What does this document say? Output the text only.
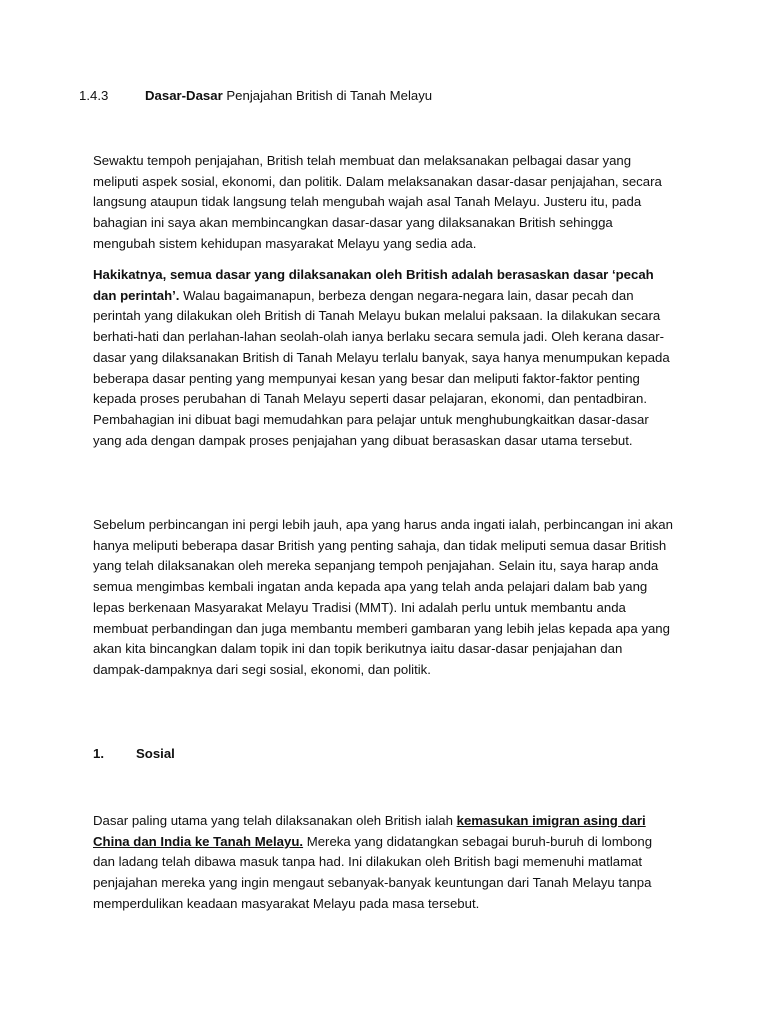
1.4.3	Dasar-Dasar Penjajahan British di Tanah Melayu
Sewaktu tempoh penjajahan, British telah membuat dan melaksanakan pelbagai dasar yang meliputi aspek sosial, ekonomi, dan politik. Dalam melaksanakan dasar-dasar penjajahan, secara langsung ataupun tidak langsung telah mengubah wajah asal Tanah Melayu. Justeru itu, pada bahagian ini saya akan membincangkan dasar-dasar yang dilaksanakan British sehingga mengubah sistem kehidupan masyarakat Melayu yang sedia ada.
Hakikatnya, semua dasar yang dilaksanakan oleh British adalah berasaskan dasar ‘pecah dan perintah’. Walau bagaimanapun, berbeza dengan negara-negara lain, dasar pecah dan perintah yang dilakukan oleh British di Tanah Melayu bukan melalui paksaan. Ia dilakukan secara berhati-hati dan perlahan-lahan seolah-olah ianya berlaku secara semula jadi. Oleh kerana dasar-dasar yang dilaksanakan British di Tanah Melayu terlalu banyak, saya hanya menumpukan kepada beberapa dasar penting yang mempunyai kesan yang besar dan meliputi faktor-faktor penting kepada proses perubahan di Tanah Melayu seperti dasar pelajaran, ekonomi, dan pentadbiran. Pembahagian ini dibuat bagi memudahkan para pelajar untuk menghubungkaitkan dasar-dasar yang ada dengan dampak proses penjajahan yang dibuat berasaskan dasar utama tersebut.
Sebelum perbincangan ini pergi lebih jauh, apa yang harus anda ingati ialah, perbincangan ini akan hanya meliputi beberapa dasar British yang penting sahaja, dan tidak meliputi semua dasar British yang telah dilaksanakan oleh mereka sepanjang tempoh penjajahan. Selain itu, saya harap anda semua mengimbas kembali ingatan anda kepada apa yang telah anda pelajari dalam bab yang lepas berkenaan Masyarakat Melayu Tradisi (MMT). Ini adalah perlu untuk membantu anda membuat perbandingan dan juga membantu memberi gambaran yang lebih jelas kepada apa yang akan kita bincangkan dalam topik ini dan topik berikutnya iaitu dasar-dasar penjajahan dan dampak-dampaknya dari segi sosial, ekonomi, dan politik.
1. Sosial
Dasar paling utama yang telah dilaksanakan oleh British ialah kemasukan imigran asing dari China dan India ke Tanah Melayu. Mereka yang didatangkan sebagai buruh-buruh di lombong dan ladang telah dibawa masuk tanpa had. Ini dilakukan oleh British bagi memenuhi matlamat penjajahan mereka yang ingin mengaut sebanyak-banyak keuntungan dari Tanah Melayu tanpa memperdulikan keadaan masyarakat Melayu pada masa tersebut.
